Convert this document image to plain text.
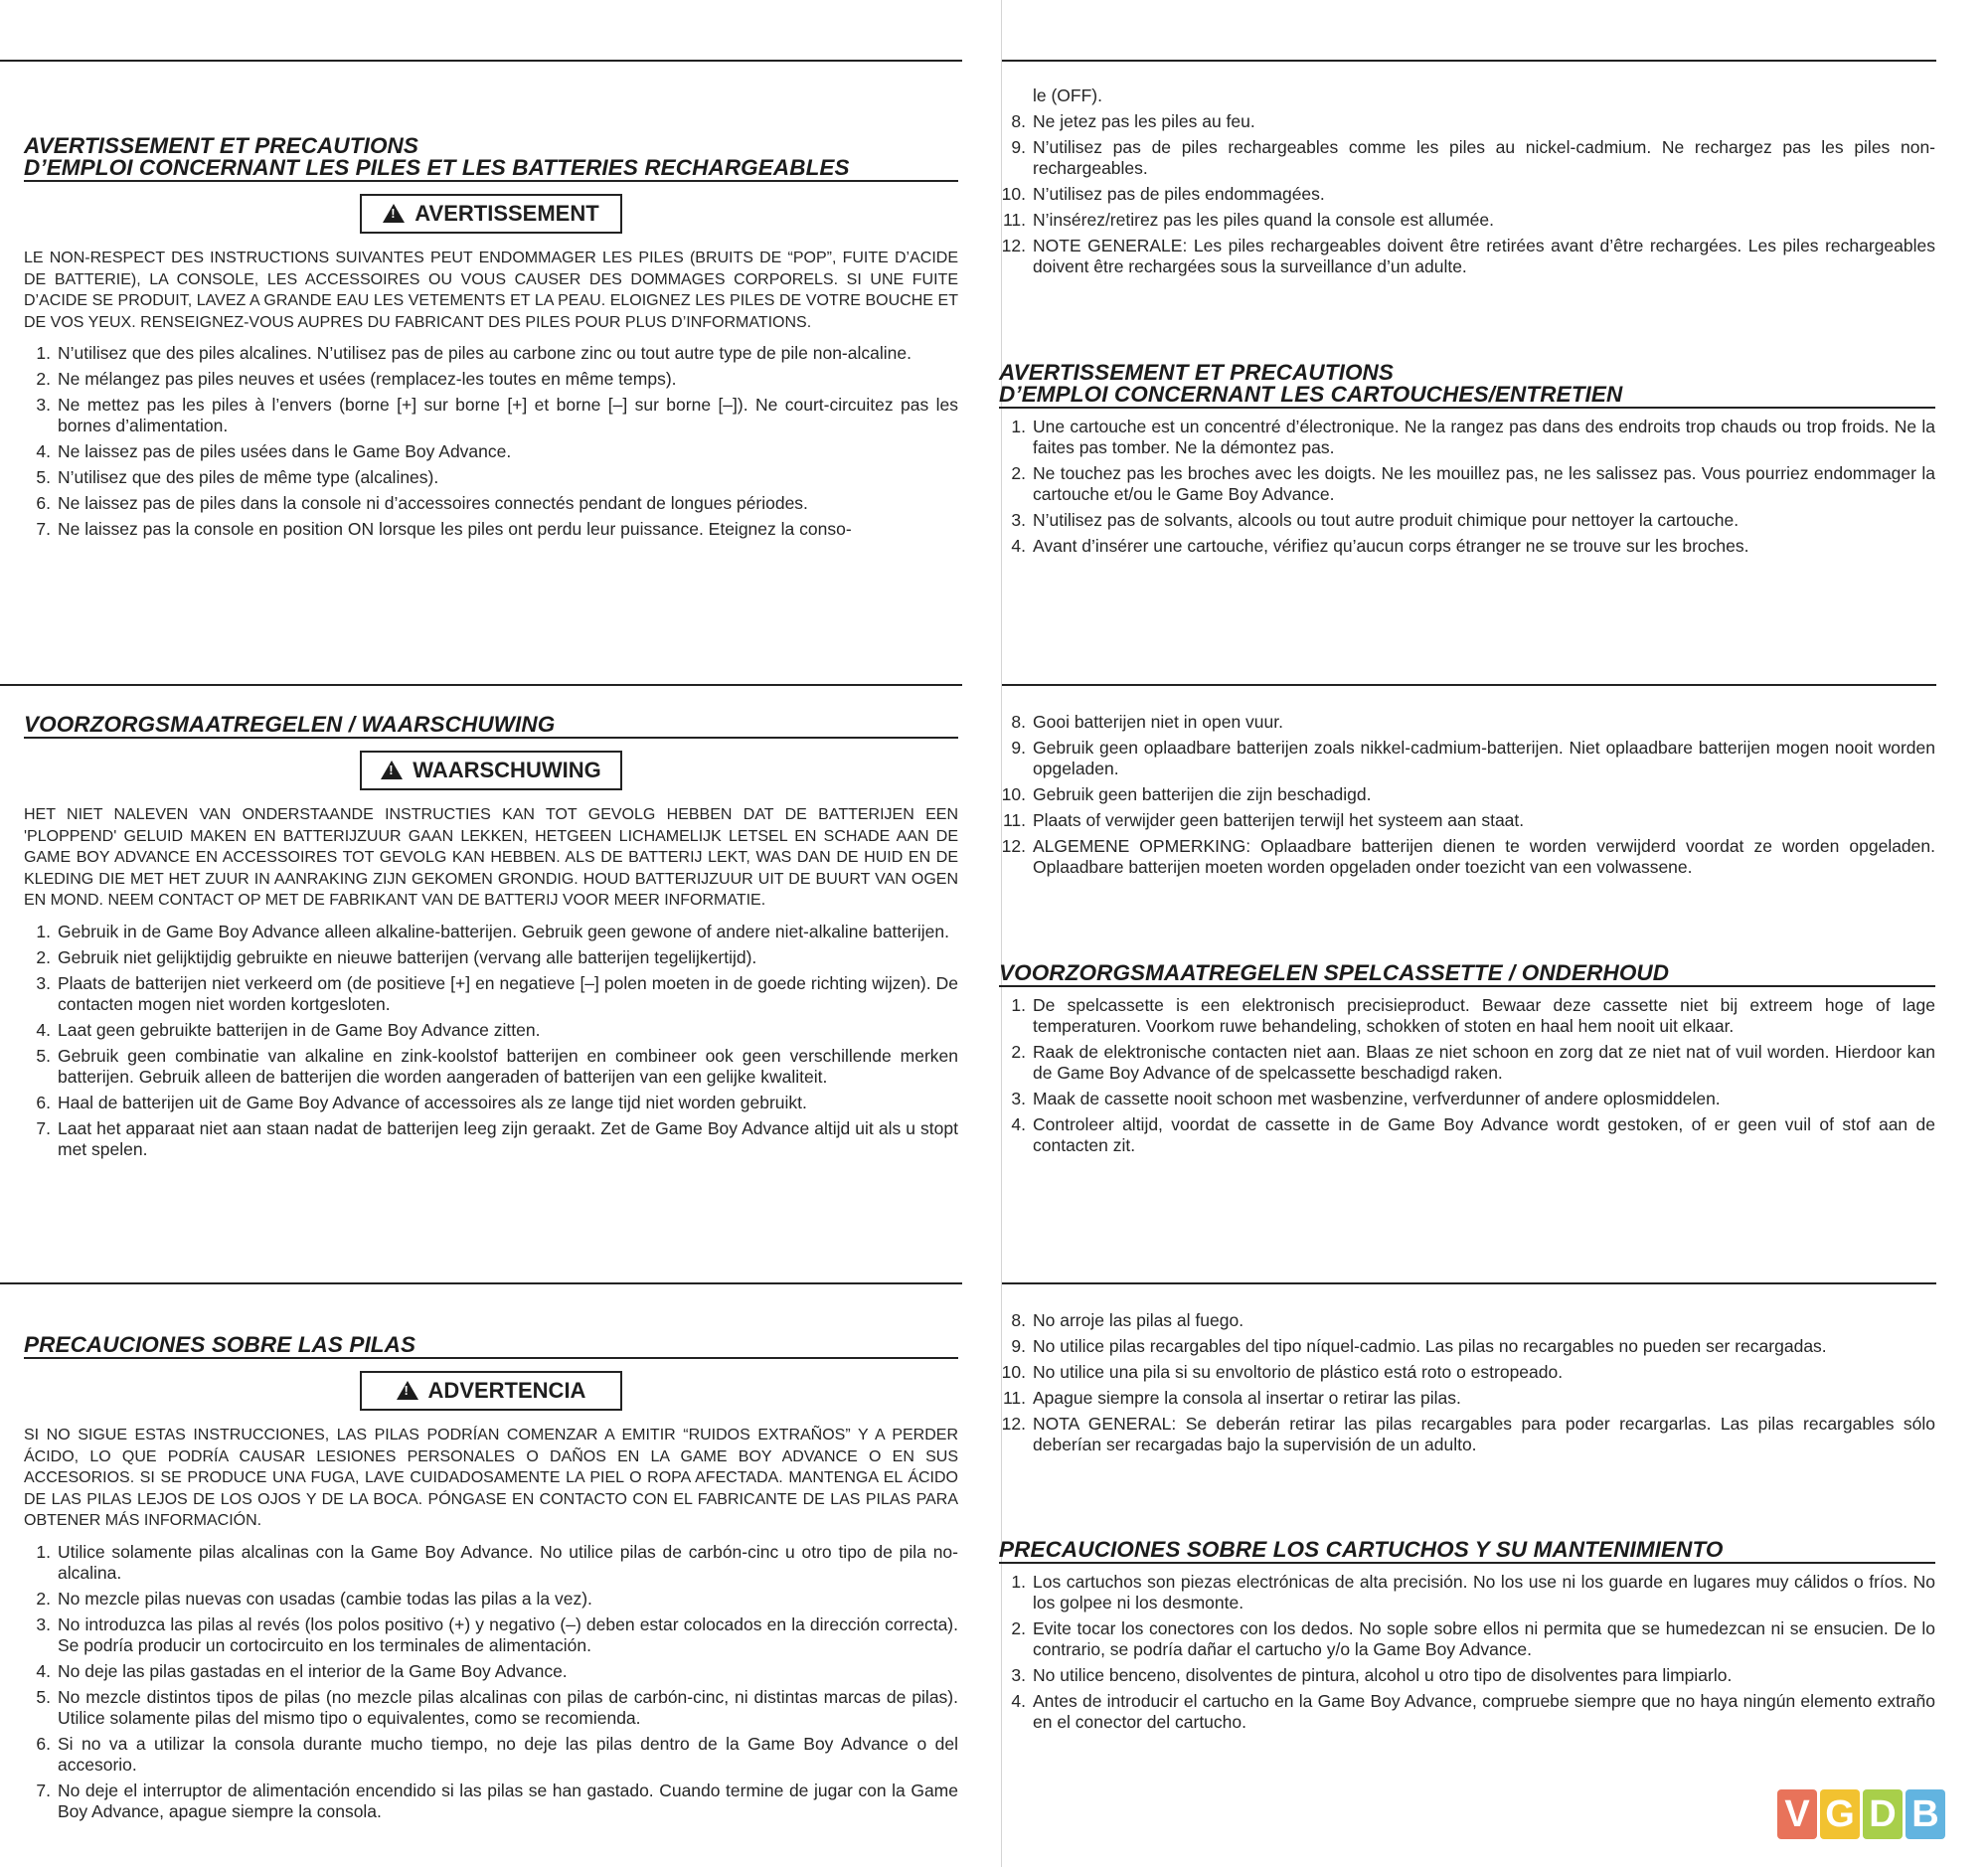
AVERTISSEMENT ET PRECAUTIONS
D’EMPLOI CONCERNANT LES PILES ET LES BATTERIES RECHARGEABLES
!AVERTISSEMENT

LE NON-RESPECT DES INSTRUCTIONS SUIVANTES PEUT ENDOMMAGER LES PILES (BRUITS DE “POP”, FUITE D’ACIDE DE BATTERIE), LA CONSOLE, LES ACCESSOIRES OU VOUS CAUSER DES DOMMAGES CORPORELS. SI UNE FUITE D’ACIDE SE PRODUIT, LAVEZ A GRANDE EAU LES VETEMENTS ET LA PEAU. ELOIGNEZ LES PILES DE VOTRE BOUCHE ET DE VOS YEUX. RENSEIGNEZ-VOUS AUPRES DU FABRICANT DES PILES POUR PLUS D’INFORMATIONS.

1. N’utilisez que des piles alcalines. N’utilisez pas de piles au carbone zinc ou tout autre type de pile non-alcaline.
2. Ne mélangez pas piles neuves et usées (remplacez-les toutes en même temps).
3. Ne mettez pas les piles à l’envers (borne [+] sur borne [+] et borne [–] sur borne [–]). Ne court-circuitez pas les bornes d’alimentation.
4. Ne laissez pas de piles usées dans le Game Boy Advance.
5. N’utilisez que des piles de même type (alcalines).
6. Ne laissez pas de piles dans la console ni d’accessoires connectés pendant de longues périodes.
7. Ne laissez pas la console en position ON lorsque les piles ont perdu leur puissance. Eteignez la conso-
le (OFF).
8. Ne jetez pas les piles au feu.
9. N’utilisez pas de piles rechargeables comme les piles au nickel-cadmium. Ne rechargez pas les piles non-rechargeables.
10. N’utilisez pas de piles endommagées.
11. N’insérez/retirez pas les piles quand la console est allumée.
12. NOTE GENERALE: Les piles rechargeables doivent être retirées avant d’être rechargées. Les piles rechargeables doivent être rechargées sous la surveillance d’un adulte.
AVERTISSEMENT ET PRECAUTIONS
D’EMPLOI CONCERNANT LES CARTOUCHES/ENTRETIEN
1. Une cartouche est un concentré d’électronique. Ne la rangez pas dans des endroits trop chauds ou trop froids. Ne la faites pas tomber. Ne la démontez pas.
2. Ne touchez pas les broches avec les doigts. Ne les mouillez pas, ne les salissez pas. Vous pourriez endommager la cartouche et/ou le Game Boy Advance.
3. N’utilisez pas de solvants, alcools ou tout autre produit chimique pour nettoyer la cartouche.
4. Avant d’insérer une cartouche, vérifiez qu’aucun corps étranger ne se trouve sur les broches.
VOORZORGSMAATREGELEN / WAARSCHUWING
!WAARSCHUWING

HET NIET NALEVEN VAN ONDERSTAANDE INSTRUCTIES KAN TOT GEVOLG HEBBEN DAT DE BATTERIJEN EEN 'PLOPPEND' GELUID MAKEN EN BATTERIJZUUR GAAN LEKKEN, HETGEEN LICHAMELIJK LETSEL EN SCHADE AAN DE GAME BOY ADVANCE EN ACCESSOIRES TOT GEVOLG KAN HEBBEN. ALS DE BATTERIJ LEKT, WAS DAN DE HUID EN DE KLEDING DIE MET HET ZUUR IN AANRAKING ZIJN GEKOMEN GRONDIG. HOUD BATTERIJZUUR UIT DE BUURT VAN OGEN EN MOND. NEEM CONTACT OP MET DE FABRIKANT VAN DE BATTERIJ VOOR MEER INFORMATIE.

1. Gebruik in de Game Boy Advance alleen alkaline-batterijen. Gebruik geen gewone of andere niet-alkaline batterijen.
2. Gebruik niet gelijktijdig gebruikte en nieuwe batterijen (vervang alle batterijen tegelijkertijd).
3. Plaats de batterijen niet verkeerd om (de positieve [+] en negatieve [–] polen moeten in de goede richting wijzen). De contacten mogen niet worden kortgesloten.
4. Laat geen gebruikte batterijen in de Game Boy Advance zitten.
5. Gebruik geen combinatie van alkaline en zink-koolstof batterijen en combineer ook geen verschillende merken batterijen. Gebruik alleen de batterijen die worden aangeraden of batterijen van een gelijke kwaliteit.
6. Haal de batterijen uit de Game Boy Advance of accessoires als ze lange tijd niet worden gebruikt.
7. Laat het apparaat niet aan staan nadat de batterijen leeg zijn geraakt. Zet de Game Boy Advance altijd uit als u stopt met spelen.
8. Gooi batterijen niet in open vuur.
9. Gebruik geen oplaadbare batterijen zoals nikkel-cadmium-batterijen. Niet oplaadbare batterijen mogen nooit worden opgeladen.
10. Gebruik geen batterijen die zijn beschadigd.
11. Plaats of verwijder geen batterijen terwijl het systeem aan staat.
12. ALGEMENE OPMERKING: Oplaadbare batterijen dienen te worden verwijderd voordat ze worden opgeladen. Oplaadbare batterijen moeten worden opgeladen onder toezicht van een volwassene.
VOORZORGSMAATREGELEN SPELCASSETTE / ONDERHOUD
1. De spelcassette is een elektronisch precisieproduct. Bewaar deze cassette niet bij extreem hoge of lage temperaturen. Voorkom ruwe behandeling, schokken of stoten en haal hem nooit uit elkaar.
2. Raak de elektronische contacten niet aan. Blaas ze niet schoon en zorg dat ze niet nat of vuil worden. Hierdoor kan de Game Boy Advance of de spelcassette beschadigd raken.
3. Maak de cassette nooit schoon met wasbenzine, verfverdunner of andere oplosmiddelen.
4. Controleer altijd, voordat de cassette in de Game Boy Advance wordt gestoken, of er geen vuil of stof aan de contacten zit.
PRECAUCIONES SOBRE LAS PILAS
!ADVERTENCIA

SI NO SIGUE ESTAS INSTRUCCIONES, LAS PILAS PODRÍAN COMENZAR A EMITIR “RUIDOS EXTRAÑOS” Y A PERDER ÁCIDO, LO QUE PODRÍA CAUSAR LESIONES PERSONALES O DAÑOS EN LA GAME BOY ADVANCE O EN SUS ACCESORIOS. SI SE PRODUCE UNA FUGA, LAVE CUIDADOSAMENTE LA PIEL O ROPA AFECTADA. MANTENGA EL ÁCIDO DE LAS PILAS LEJOS DE LOS OJOS Y DE LA BOCA. PÓNGASE EN CONTACTO CON EL FABRICANTE DE LAS PILAS PARA OBTENER MÁS INFORMACIÓN.

1. Utilice solamente pilas alcalinas con la Game Boy Advance. No utilice pilas de carbón-cinc u otro tipo de pila no-alcalina.
2. No mezcle pilas nuevas con usadas (cambie todas las pilas a la vez).
3. No introduzca las pilas al revés (los polos positivo (+) y negativo (–) deben estar colocados en la dirección correcta). Se podría producir un cortocircuito en los terminales de alimentación.
4. No deje las pilas gastadas en el interior de la Game Boy Advance.
5. No mezcle distintos tipos de pilas (no mezcle pilas alcalinas con pilas de carbón-cinc, ni distintas marcas de pilas). Utilice solamente pilas del mismo tipo o equivalentes, como se recomienda.
6. Si no va a utilizar la consola durante mucho tiempo, no deje las pilas dentro de la Game Boy Advance o del accesorio.
7. No deje el interruptor de alimentación encendido si las pilas se han gastado. Cuando termine de jugar con la Game Boy Advance, apague siempre la consola.
8. No arroje las pilas al fuego.
9. No utilice pilas recargables del tipo níquel-cadmio. Las pilas no recargables no pueden ser recargadas.
10. No utilice una pila si su envoltorio de plástico está roto o estropeado.
11. Apague siempre la consola al insertar o retirar las pilas.
12. NOTA GENERAL: Se deberán retirar las pilas recargables para poder recargarlas. Las pilas recargables sólo deberían ser recargadas bajo la supervisión de un adulto.
PRECAUCIONES SOBRE LOS CARTUCHOS Y SU MANTENIMIENTO
1. Los cartuchos son piezas electrónicas de alta precisión. No los use ni los guarde en lugares muy cálidos o fríos. No los golpee ni los desmonte.
2. Evite tocar los conectores con los dedos. No sople sobre ellos ni permita que se humedezcan ni se ensucien. De lo contrario, se podría dañar el cartucho y/o la Game Boy Advance.
3. No utilice benceno, disolventes de pintura, alcohol u otro tipo de disolventes para limpiarlo.
4. Antes de introducir el cartucho en la Game Boy Advance, compruebe siempre que no haya ningún elemento extraño en el conector del cartucho.
V G D B
